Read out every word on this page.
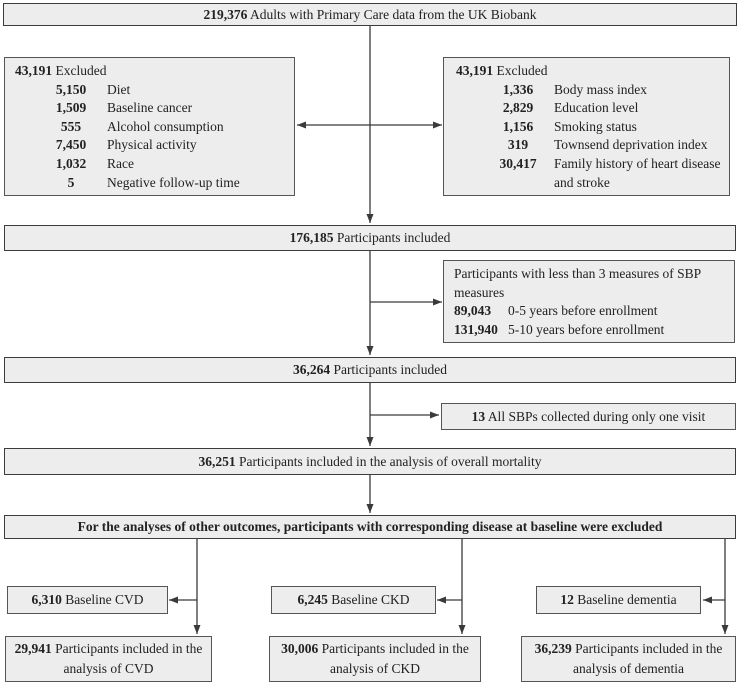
219,376 Adults with Primary Care data from the UK Biobank
43,191 Excluded
5,150	Diet
1,509	Baseline cancer
555	Alcohol consumption
7,450	Physical activity
1,032	Race
5	Negative follow-up time
43,191 Excluded
1,336	Body mass index
2,829	Education level
1,156	Smoking status
319	Townsend deprivation index
30,417	Family history of heart disease and stroke
176,185 Participants included
Participants with less than 3 measures of SBP measures
89,043	0-5 years before enrollment
131,940 5-10 years before enrollment
36,264 Participants included
13 All SBPs collected during only one visit
36,251 Participants included in the analysis of overall mortality
For the analyses of other outcomes, participants with corresponding disease at baseline were excluded
6,310 Baseline CVD	6,245 Baseline CKD	12 Baseline dementia
29,941 Participants included in the analysis of CVD
30,006 Participants included in the analysis of CKD
36,239 Participants included in the analysis of dementia
